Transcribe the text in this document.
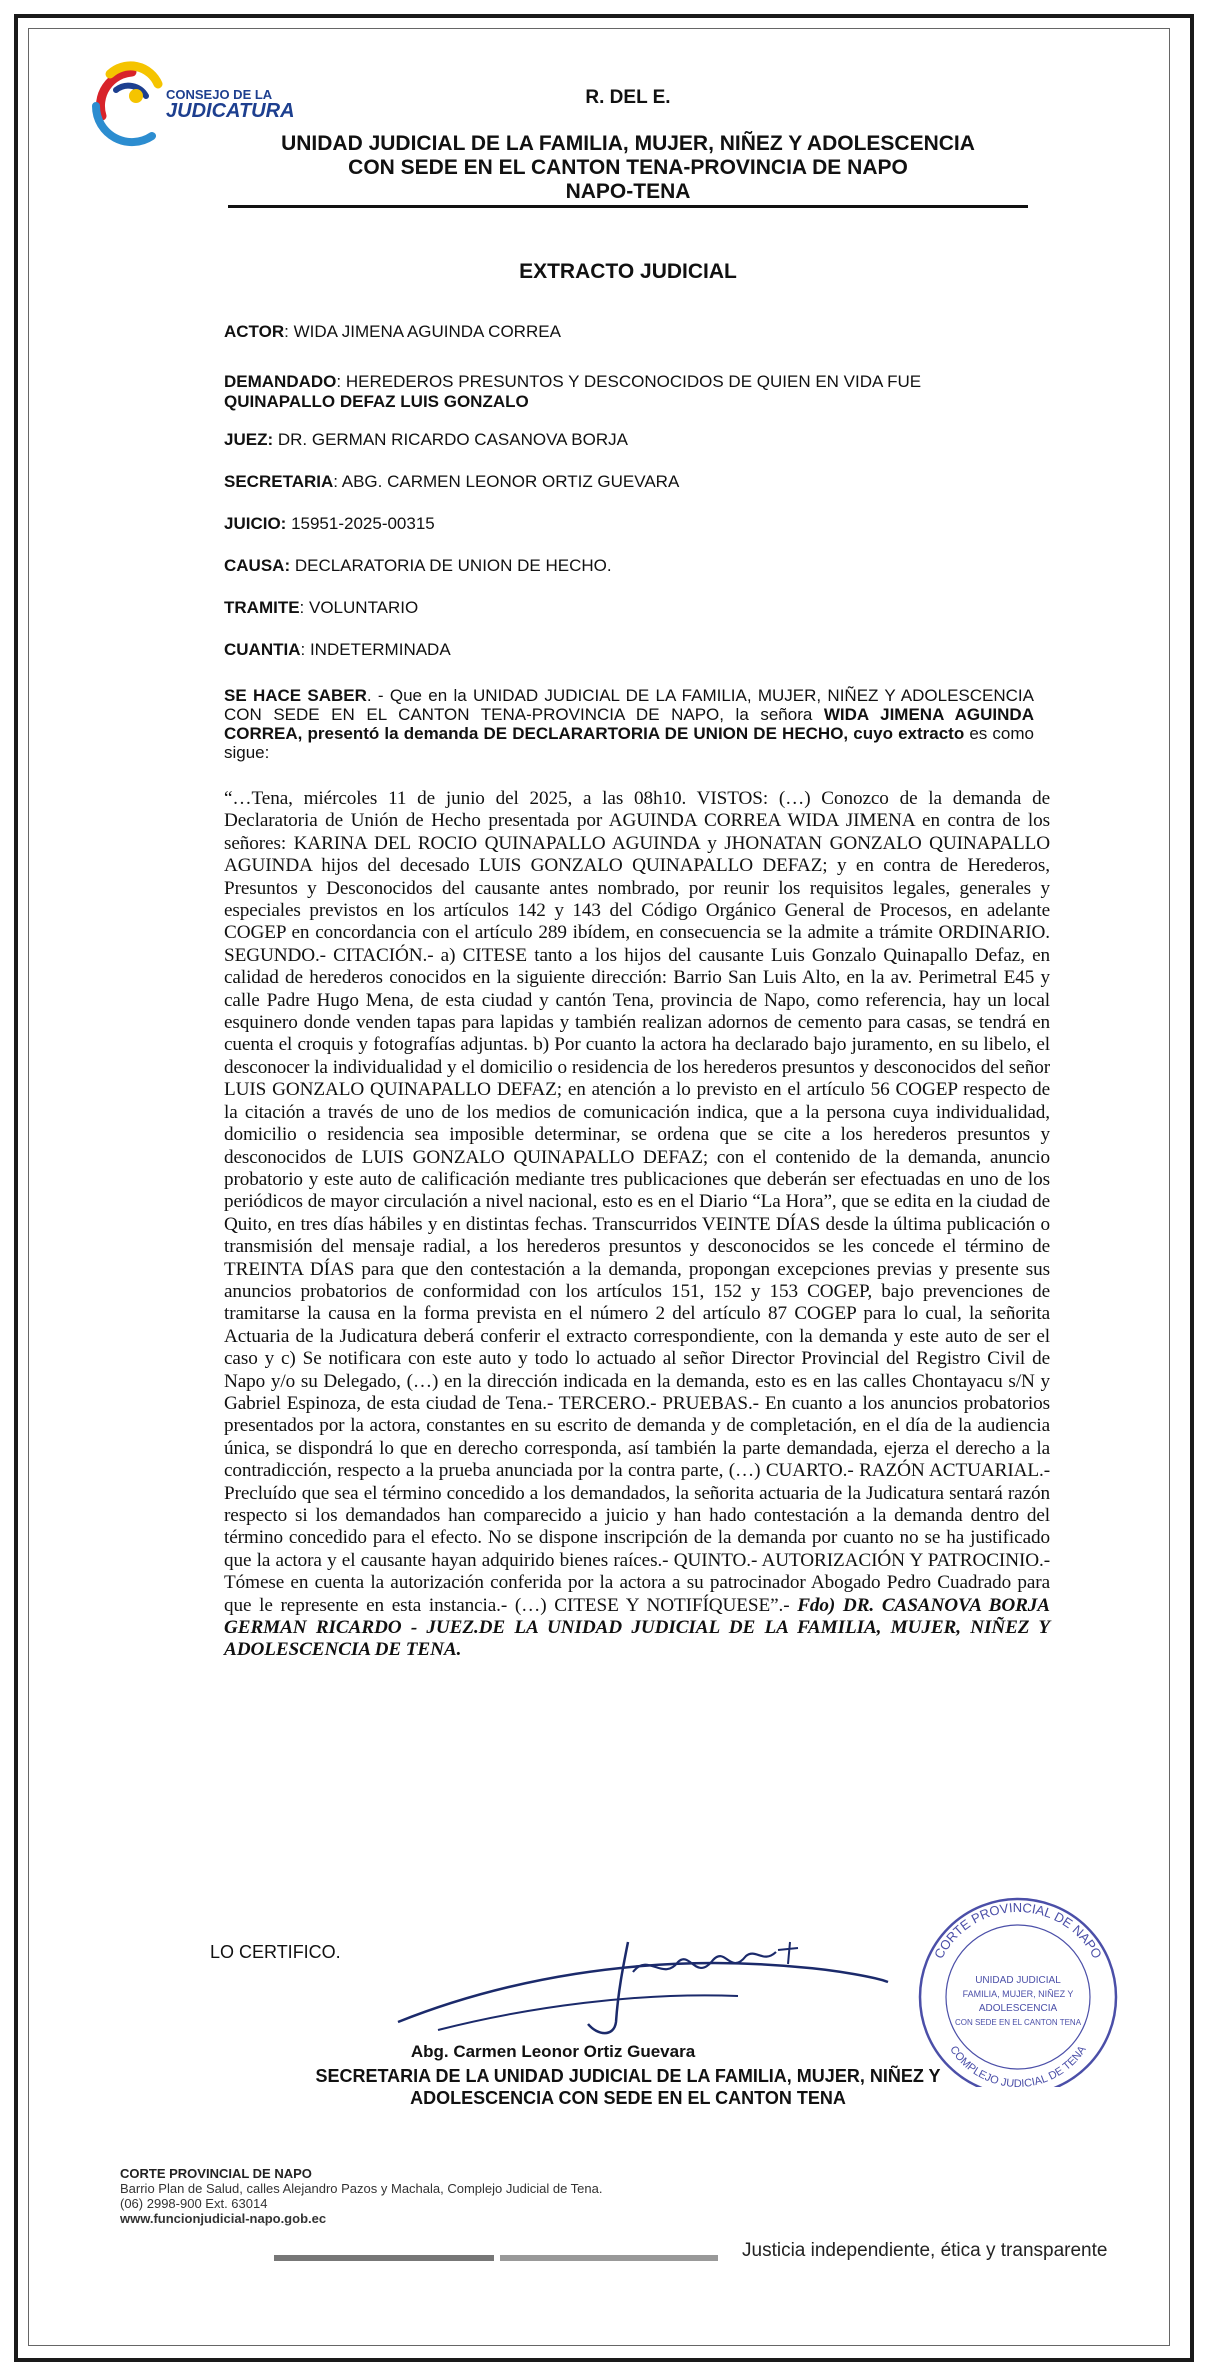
CONSEJO DE LA
JUDICATURA
R. DEL E.
UNIDAD JUDICIAL DE LA FAMILIA, MUJER, NIÑEZ Y ADOLESCENCIA
CON SEDE EN EL CANTON TENA-PROVINCIA DE NAPO
NAPO-TENA
EXTRACTO JUDICIAL
ACTOR: WIDA JIMENA AGUINDA CORREA
DEMANDADO: HEREDEROS PRESUNTOS Y DESCONOCIDOS DE QUIEN EN VIDA FUE
QUINAPALLO DEFAZ LUIS GONZALO
JUEZ: DR. GERMAN RICARDO CASANOVA BORJA
SECRETARIA: ABG. CARMEN LEONOR ORTIZ GUEVARA
JUICIO: 15951-2025-00315
CAUSA: DECLARATORIA DE UNION DE HECHO.
TRAMITE: VOLUNTARIO
CUANTIA: INDETERMINADA
SE HACE SABER. - Que en la UNIDAD JUDICIAL DE LA FAMILIA, MUJER, NIÑEZ Y ADOLESCENCIA CON SEDE EN EL CANTON TENA-PROVINCIA DE NAPO, la señora WIDA JIMENA AGUINDA CORREA, presentó la demanda DE DECLARARTORIA DE UNION DE HECHO, cuyo extracto es como sigue:
“…Tena, miércoles 11 de junio del 2025, a las 08h10. VISTOS: (…) Conozco de la demanda de Declaratoria de Unión de Hecho presentada por AGUINDA CORREA WIDA JIMENA en contra de los señores: KARINA DEL ROCIO QUINAPALLO AGUINDA y JHONATAN GONZALO QUINAPALLO AGUINDA hijos del decesado LUIS GONZALO QUINAPALLO DEFAZ; y en contra de Herederos, Presuntos y Desconocidos del causante antes nombrado, por reunir los requisitos legales, generales y especiales previstos en los artículos 142 y 143 del Código Orgánico General de Procesos, en adelante COGEP en concordancia con el artículo 289 ibídem, en consecuencia se la admite a trámite ORDINARIO. SEGUNDO.- CITACIÓN.- a) CITESE tanto a los hijos del causante Luis Gonzalo Quinapallo Defaz, en calidad de herederos conocidos en la siguiente dirección: Barrio San Luis Alto, en la av. Perimetral E45 y calle Padre Hugo Mena, de esta ciudad y cantón Tena, provincia de Napo, como referencia, hay un local esquinero donde venden tapas para lapidas y también realizan adornos de cemento para casas, se tendrá en cuenta el croquis y fotografías adjuntas. b) Por cuanto la actora ha declarado bajo juramento, en su libelo, el desconocer la individualidad y el domicilio o residencia de los herederos presuntos y desconocidos del señor LUIS GONZALO QUINAPALLO DEFAZ; en atención a lo previsto en el artículo 56 COGEP respecto de la citación a través de uno de los medios de comunicación indica, que a la persona cuya individualidad, domicilio o residencia sea imposible determinar, se ordena que se cite a los herederos presuntos y desconocidos de LUIS GONZALO QUINAPALLO DEFAZ; con el contenido de la demanda, anuncio probatorio y este auto de calificación mediante tres publicaciones que deberán ser efectuadas en uno de los periódicos de mayor circulación a nivel nacional, esto es en el Diario “La Hora”, que se edita en la ciudad de Quito, en tres días hábiles y en distintas fechas. Transcurridos VEINTE DÍAS desde la última publicación o transmisión del mensaje radial, a los herederos presuntos y desconocidos se les concede el término de TREINTA DÍAS para que den contestación a la demanda, propongan excepciones previas y presente sus anuncios probatorios de conformidad con los artículos 151, 152 y 153 COGEP, bajo prevenciones de tramitarse la causa en la forma prevista en el número 2 del artículo 87 COGEP para lo cual, la señorita Actuaria de la Judicatura deberá conferir el extracto correspondiente, con la demanda y este auto de ser el caso y c) Se notificara con este auto y todo lo actuado al señor Director Provincial del Registro Civil de Napo y/o su Delegado, (…) en la dirección indicada en la demanda, esto es en las calles Chontayacu s/N y Gabriel Espinoza, de esta ciudad de Tena.- TERCERO.- PRUEBAS.- En cuanto a los anuncios probatorios presentados por la actora, constantes en su escrito de demanda y de completación, en el día de la audiencia única, se dispondrá lo que en derecho corresponda, así también la parte demandada, ejerza el derecho a la contradicción, respecto a la prueba anunciada por la contra parte, (…) CUARTO.- RAZÓN ACTUARIAL.- Precluído que sea el término concedido a los demandados, la señorita actuaria de la Judicatura sentará razón respecto si los demandados han comparecido a juicio y han hado contestación a la demanda dentro del término concedido para el efecto. No se dispone inscripción de la demanda por cuanto no se ha justificado que la actora y el causante hayan adquirido bienes raíces.- QUINTO.- AUTORIZACIÓN Y PATROCINIO.- Tómese en cuenta la autorización conferida por la actora a su patrocinador Abogado Pedro Cuadrado para que le represente en esta instancia.- (…) CITESE Y NOTIFÍQUESE”.- Fdo) DR. CASANOVA BORJA GERMAN RICARDO - JUEZ.DE LA UNIDAD JUDICIAL DE LA FAMILIA, MUJER, NIÑEZ Y ADOLESCENCIA DE TENA.
LO CERTIFICO.	CORTE PROVINCIAL DE NAPO
COMPLEJO JUDICIAL DE TENA
UNIDAD JUDICIAL
FAMILIA, MUJER, NIÑEZ Y
ADOLESCENCIA
CON SEDE EN EL CANTON TENA
Abg. Carmen Leonor Ortiz Guevara
SECRETARIA DE LA UNIDAD JUDICIAL DE LA FAMILIA, MUJER, NIÑEZ Y
ADOLESCENCIA CON SEDE EN EL CANTON TENA
CORTE PROVINCIAL DE NAPO
Barrio Plan de Salud, calles Alejandro Pazos y Machala, Complejo Judicial de Tena.
(06) 2998-900 Ext. 63014
www.funcionjudicial-napo.gob.ec
Justicia independiente, ética y transparente
